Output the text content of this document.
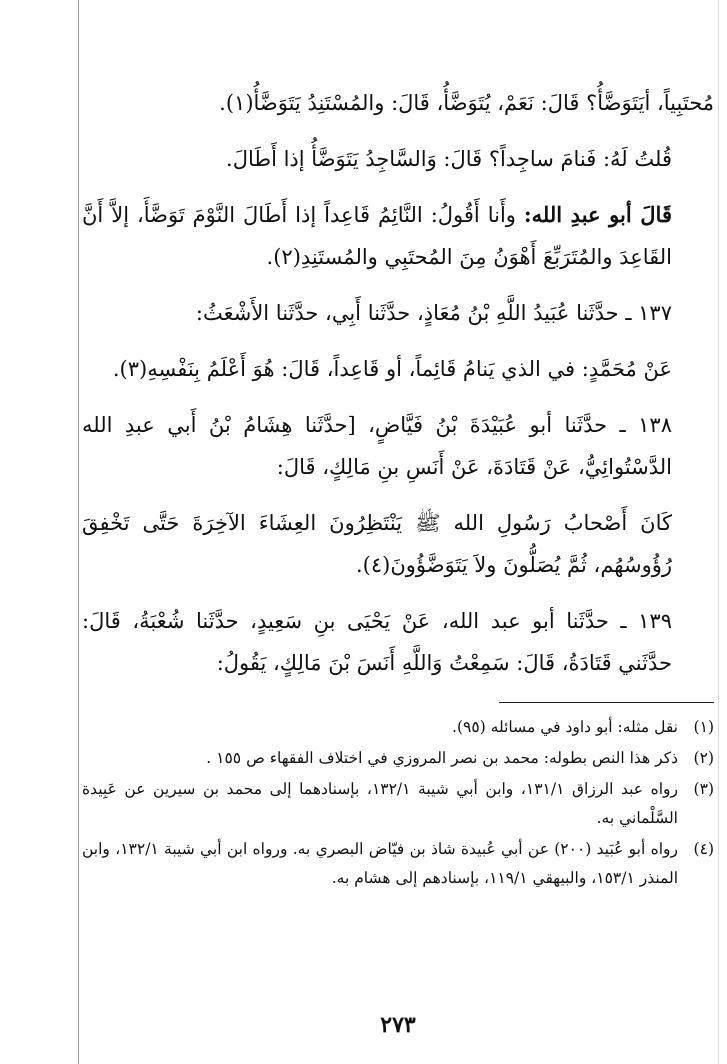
مُحتَبِياً، أيَتَوَضَّأُ؟ قَالَ: نَعَمْ، يُتَوَضَّأُ، قَالَ: والمُسْتَنِدُ يَتَوَضَّأُ(١).

قُلتُ لَهُ: فَنامَ ساجِداً؟ قَالَ: وَالسَّاجِدُ يَتَوَضَّأُ إذا أَطَالَ.

قَالَ أبو عبدِ الله: وأَنا أَقُولُ: النَّائِمُ قَاعِداً إذا أَطَالَ النَّوْمَ تَوَضَّأَ، إلاَّ أَنَّ القَاعِدَ والمُتَرَبِّعَ أَهْوَنُ مِنَ المُحتَبِي والمُستَنِدِ(٢).

١٣٧ ـ حدَّثَنا عُبَيدُ اللَّهِ بْنُ مُعَاذٍ، حدَّثَنا أَبِي، حدَّثَنا الأَشْعَثُ:

عَنْ مُحَمَّدٍ: في الذي يَنامُ قَائِماً، أو قَاعِداً، قَالَ: هُوَ أَعْلَمُ بِنَفْسِهِ(٣).

١٣٨ ـ حدَّثَنا أبو عُبَيْدَةَ بْنُ فَيَّاضٍ، [حدَّثَنا هِشَامُ بْنُ أَبي عبدِ الله الدَّسْتُوائِيُّ، عَنْ قَتَادَةَ، عَنْ أَنَسِ بنِ مَالِكٍ، قَالَ:

كَانَ أَصْحابُ رَسُولِ الله ﷺ يَنْتَظِرُونَ العِشَاءَ الآخِرَةَ حَتَّى تَخْفِقَ رُؤُوسُهُم، ثُمَّ يُصَلُّونَ ولاَ يَتَوَضَّؤُونَ(٤).

١٣٩ ـ حدَّثَنا أبو عبد الله، عَنْ يَحْيَى بنِ سَعِيدٍ، حدَّثَنا شُعْبَةُ، قَالَ: حدَّثَني قَتَادَةُ، قَالَ: سَمِعْتُ وَاللَّهِ أَنَسَ بْنَ مَالِكٍ، يَقُولُ:

(١)
نقل مثله: أبو داود في مسائله (٩٥).
(٢)
ذكر هذا النص بطوله: محمد بن نصر المروزي في اختلاف الفقهاء ص ١٥٥ .
(٣)
رواه عبد الرزاق ١٣١/١، وابن أبي شيبة ١٣٢/١، بإسنادهما إلى محمد بن سيرين عن عَبِيدة السَّلْماني به.
(٤)
رواه أبو عُبَيد (٢٠٠) عن أبي عُبيدة شاذ بن فيّاض البصري به. ورواه ابن أبي شيبة ١٣٢/١، وابن المنذر ١٥٣/١، والبيهقي ١١٩/١، بإسنادهم إلى هشام به.
٢٧٣
